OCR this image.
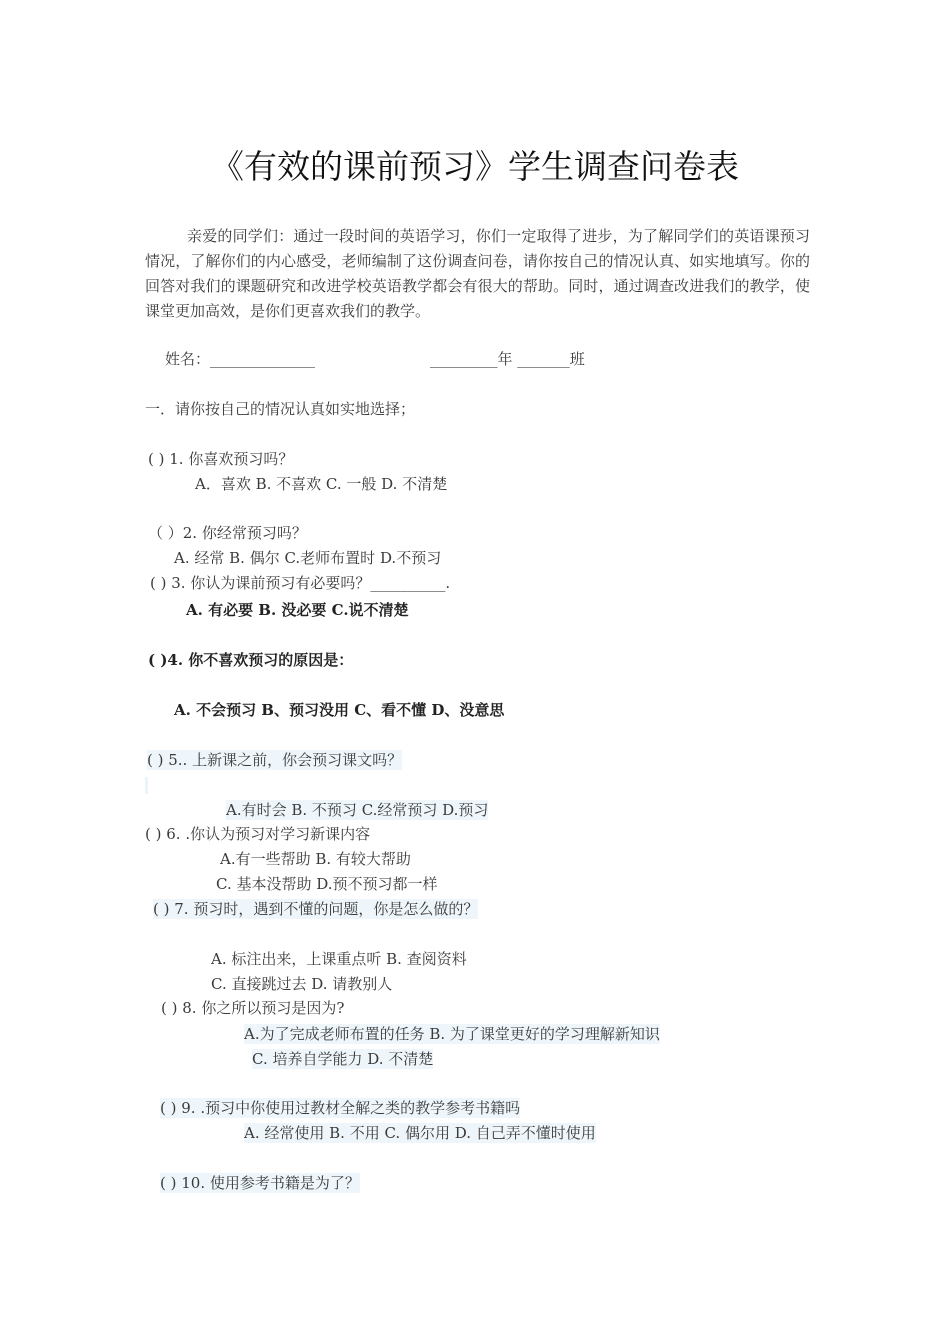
《有效的课前预习》学生调查问卷表
亲爱的同学们：通过一段时间的英语学习，你们一定取得了进步，为了解同学们的英语课预习情况，了解你们的内心感受，老师编制了这份调查问卷，请你按自己的情况认真、如实地填写。你的回答对我们的课题研究和改进学校英语教学都会有很大的帮助。同时，通过调查改进我们的教学，使课堂更加高效，是你们更喜欢我们的教学。
姓名：______________	_________年 _______班
一．请你按自己的情况认真如实地选择；
( ) 1. 你喜欢预习吗？
A．喜欢 B. 不喜欢 C. 一般 D. 不清楚
（ ）2. 你经常预习吗？
A. 经常 B. 偶尔 C.老师布置时 D.不预习
( ) 3. 你认为课前预习有必要吗？__________.
A. 有必要 B. 没必要 C.说不清楚
( )4. 你不喜欢预习的原因是：
A. 不会预习 B、预习没用 C、看不懂 D、没意思
( ) 5.. 上新课之前，你会预习课文吗？
A.有时会 B. 不预习 C.经常预习 D.预习
( ) 6. .你认为预习对学习新课内容
A.有一些帮助 B. 有较大帮助
C. 基本没帮助 D.预不预习都一样
( ) 7. 预习时，遇到不懂的问题，你是怎么做的？
A. 标注出来，上课重点听 B. 查阅资料
C. 直接跳过去 D. 请教别人
( ) 8. 你之所以预习是因为?
A.为了完成老师布置的任务 B. 为了课堂更好的学习理解新知识
C. 培养自学能力 D. 不清楚
( ) 9. .预习中你使用过教材全解之类的教学参考书籍吗
A. 经常使用 B. 不用 C. 偶尔用 D. 自己弄不懂时使用
( ) 10. 使用参考书籍是为了？
